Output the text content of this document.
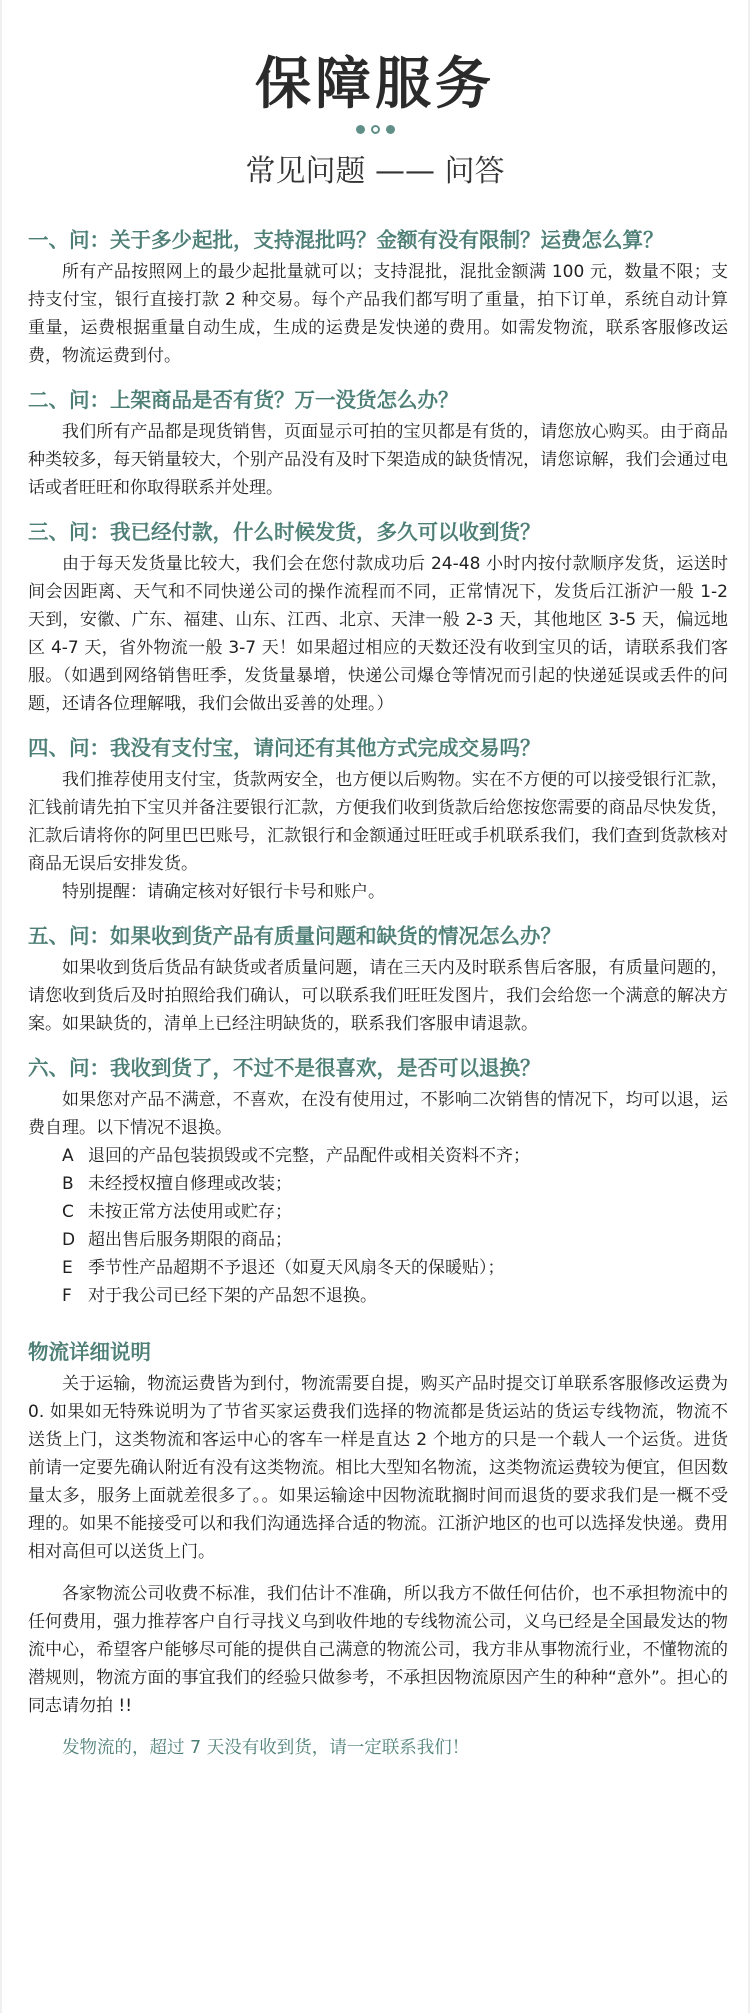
保障服务

常见问题 —— 问答
一、问：关于多少起批，支持混批吗？金额有没有限制？运费怎么算？

所有产品按照网上的最少起批量就可以；支持混批，混批金额满 100 元，数量不限；支持支付宝，银行直接打款 2 种交易。每个产品我们都写明了重量，拍下订单，系统自动计算重量，运费根据重量自动生成，生成的运费是发快递的费用。如需发物流，联系客服修改运费，物流运费到付。

二、问：上架商品是否有货？万一没货怎么办？

我们所有产品都是现货销售，页面显示可拍的宝贝都是有货的，请您放心购买。由于商品种类较多，每天销量较大，个别产品没有及时下架造成的缺货情况，请您谅解，我们会通过电话或者旺旺和你取得联系并处理。

三、问：我已经付款，什么时候发货，多久可以收到货？

由于每天发货量比较大，我们会在您付款成功后 24-48 小时内按付款顺序发货，运送时间会因距离、天气和不同快递公司的操作流程而不同，正常情况下，发货后江浙沪一般 1-2 天到，安徽、广东、福建、山东、江西、北京、天津一般 2-3 天，其他地区 3-5 天，偏远地区 4-7 天，省外物流一般 3-7 天！如果超过相应的天数还没有收到宝贝的话，请联系我们客服。（如遇到网络销售旺季，发货量暴增，快递公司爆仓等情况而引起的快递延误或丢件的问题，还请各位理解哦，我们会做出妥善的处理。）

四、问：我没有支付宝，请问还有其他方式完成交易吗？

我们推荐使用支付宝，货款两安全，也方便以后购物。实在不方便的可以接受银行汇款，汇钱前请先拍下宝贝并备注要银行汇款，方便我们收到货款后给您按您需要的商品尽快发货，汇款后请将你的阿里巴巴账号，汇款银行和金额通过旺旺或手机联系我们，我们查到货款核对商品无误后安排发货。

特别提醒：请确定核对好银行卡号和账户。

五、问：如果收到货产品有质量问题和缺货的情况怎么办？

如果收到货后货品有缺货或者质量问题，请在三天内及时联系售后客服，有质量问题的，请您收到货后及时拍照给我们确认，可以联系我们旺旺发图片，我们会给您一个满意的解决方案。如果缺货的，清单上已经注明缺货的，联系我们客服申请退款。

六、问：我收到货了，不过不是很喜欢，是否可以退换？

如果您对产品不满意，不喜欢，在没有使用过，不影响二次销售的情况下，均可以退，运费自理。以下情况不退换。

A 退回的产品包装损毁或不完整，产品配件或相关资料不齐；
B 未经授权擅自修理或改装；
C 未按正常方法使用或贮存；
D 超出售后服务期限的商品；
E 季节性产品超期不予退还（如夏天风扇冬天的保暖贴）；
F 对于我公司已经下架的产品恕不退换。
物流详细说明

关于运输，物流运费皆为到付，物流需要自提，购买产品时提交订单联系客服修改运费为 0. 如果如无特殊说明为了节省买家运费我们选择的物流都是货运站的货运专线物流，物流不送货上门，这类物流和客运中心的客车一样是直达 2 个地方的只是一个载人一个运货。进货前请一定要先确认附近有没有这类物流。相比大型知名物流，这类物流运费较为便宜，但因数量太多，服务上面就差很多了。。如果运输途中因物流耽搁时间而退货的要求我们是一概不受理的。如果不能接受可以和我们沟通选择合适的物流。江浙沪地区的也可以选择发快递。费用相对高但可以送货上门。

各家物流公司收费不标准，我们估计不准确，所以我方不做任何估价，也不承担物流中的任何费用，强力推荐客户自行寻找义乌到收件地的专线物流公司，义乌已经是全国最发达的物流中心，希望客户能够尽可能的提供自己满意的物流公司，我方非从事物流行业，不懂物流的潜规则，物流方面的事宜我们的经验只做参考，不承担因物流原因产生的种种“意外”。担心的同志请勿拍 !!

发物流的，超过 7 天没有收到货，请一定联系我们！
